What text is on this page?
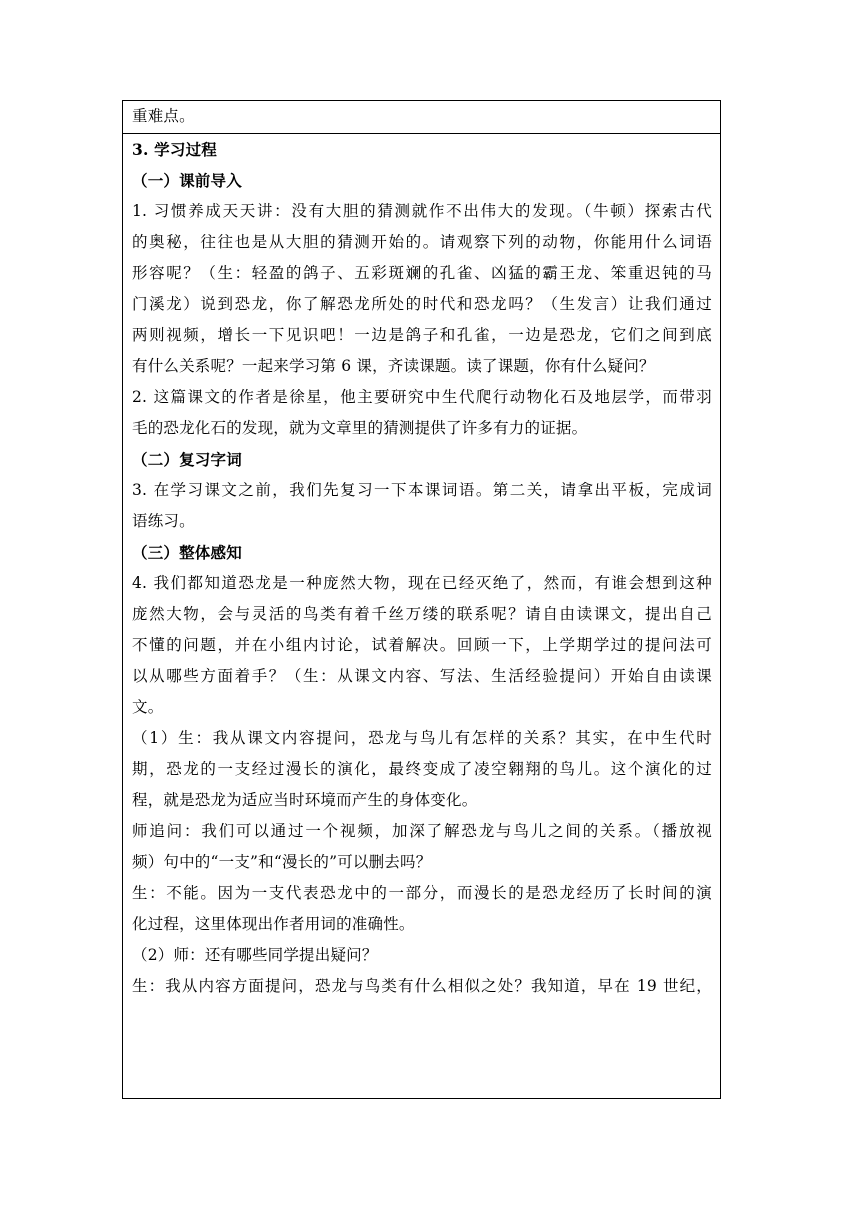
重难点。

3. 学习过程
（一）课前导入
1. 习惯养成天天讲：没有大胆的猜测就作不出伟大的发现。（牛顿）探索古代
的奥秘，往往也是从大胆的猜测开始的。请观察下列的动物，你能用什么词语
形容呢？（生：轻盈的鸽子、五彩斑斓的孔雀、凶猛的霸王龙、笨重迟钝的马
门溪龙）说到恐龙，你了解恐龙所处的时代和恐龙吗？（生发言）让我们通过
两则视频，增长一下见识吧！一边是鸽子和孔雀，一边是恐龙，它们之间到底
有什么关系呢？一起来学习第 6 课，齐读课题。读了课题，你有什么疑问？
2. 这篇课文的作者是徐星，他主要研究中生代爬行动物化石及地层学，而带羽
毛的恐龙化石的发现，就为文章里的猜测提供了许多有力的证据。
（二）复习字词
3. 在学习课文之前，我们先复习一下本课词语。第二关，请拿出平板，完成词
语练习。
（三）整体感知
4. 我们都知道恐龙是一种庞然大物，现在已经灭绝了，然而，有谁会想到这种
庞然大物，会与灵活的鸟类有着千丝万缕的联系呢？请自由读课文，提出自己
不懂的问题，并在小组内讨论，试着解决。回顾一下，上学期学过的提问法可
以从哪些方面着手？（生：从课文内容、写法、生活经验提问）开始自由读课
文。
（1）生：我从课文内容提问，恐龙与鸟儿有怎样的关系？其实，在中生代时
期，恐龙的一支经过漫长的演化，最终变成了凌空翱翔的鸟儿。这个演化的过
程，就是恐龙为适应当时环境而产生的身体变化。
师追问：我们可以通过一个视频，加深了解恐龙与鸟儿之间的关系。（播放视
频）句中的“一支”和“漫长的”可以删去吗？
生：不能。因为一支代表恐龙中的一部分，而漫长的是恐龙经历了长时间的演
化过程，这里体现出作者用词的准确性。
（2）师：还有哪些同学提出疑问？
生：我从内容方面提问，恐龙与鸟类有什么相似之处？我知道，早在 19 世纪，
